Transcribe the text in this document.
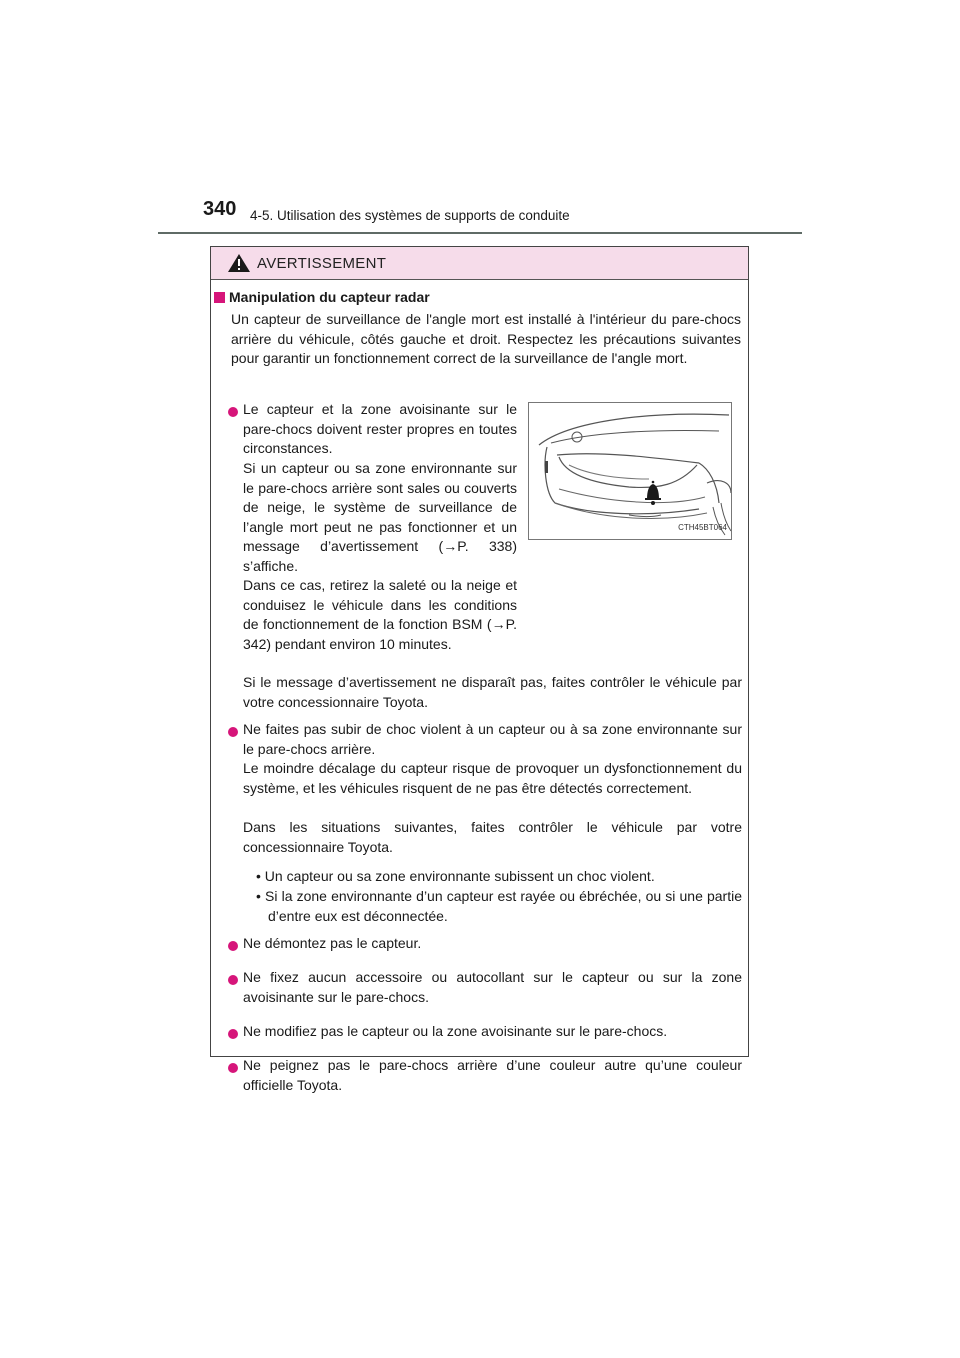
340 4-5. Utilisation des systèmes de supports de conduite
AVERTISSEMENT
Manipulation du capteur radar
Un capteur de surveillance de l'angle mort est installé à l'intérieur du pare-chocs arrière du véhicule, côtés gauche et droit. Respectez les précautions suivantes pour garantir un fonctionnement correct de la surveillance de l'angle mort.
Le capteur et la zone avoisinante sur le pare-chocs doivent rester propres en toutes circonstances.
Si un capteur ou sa zone environnante sur le pare-chocs arrière sont sales ou couverts de neige, le système de surveillance de l’angle mort peut ne pas fonctionner et un message d’avertissement (→P. 338) s’affiche.
Dans ce cas, retirez la saleté ou la neige et conduisez le véhicule dans les conditions de fonctionnement de la fonction BSM (→P. 342) pendant environ 10 minutes.
Si le message d’avertissement ne disparaît pas, faites contrôler le véhicule par votre concessionnaire Toyota.
CTH45BT064
Ne faites pas subir de choc violent à un capteur ou à sa zone environnante sur le pare-chocs arrière.
Le moindre décalage du capteur risque de provoquer un dysfonctionnement du système, et les véhicules risquent de ne pas être détectés correctement.
Dans les situations suivantes, faites contrôler le véhicule par votre concessionnaire Toyota.
• Un capteur ou sa zone environnante subissent un choc violent.
• Si la zone environnante d’un capteur est rayée ou ébréchée, ou si une partie d’entre eux est déconnectée.
Ne démontez pas le capteur.
Ne fixez aucun accessoire ou autocollant sur le capteur ou sur la zone avoisinante sur le pare-chocs.
Ne modifiez pas le capteur ou la zone avoisinante sur le pare-chocs.
Ne peignez pas le pare-chocs arrière d’une couleur autre qu’une couleur officielle Toyota.
